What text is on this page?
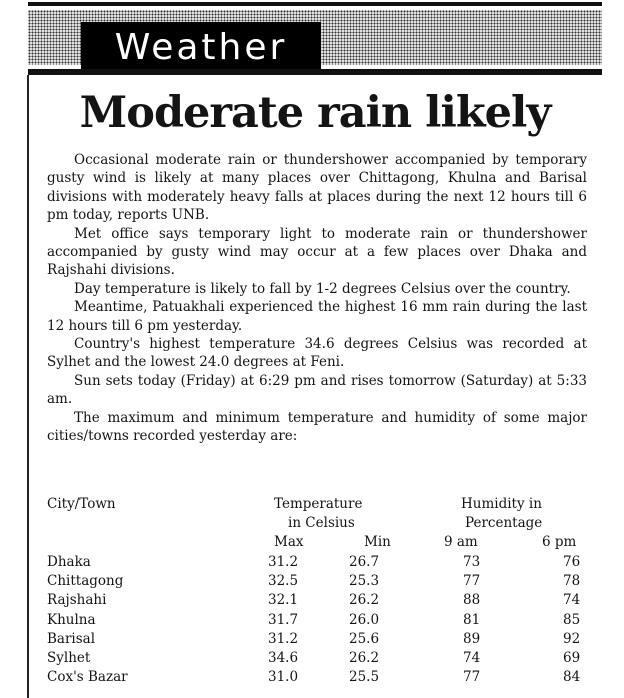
Weather
Moderate rain likely

Occasional moderate rain or thundershower accompanied by temporary gusty wind is likely at many places over Chittagong, Khulna and Barisal divisions with moderately heavy falls at places during the next 12 hours till 6 pm today, reports UNB.

Met office says temporary light to moderate rain or thundershower accompanied by gusty wind may occur at a few places over Dhaka and Rajshahi divisions.

Day temperature is likely to fall by 1-2 degrees Celsius over the country.

Meantime, Patuakhali experienced the highest 16 mm rain during the last 12 hours till 6 pm yesterday.

Country's highest temperature 34.6 degrees Celsius was recorded at Sylhet and the lowest 24.0 degrees at Feni.

Sun sets today (Friday) at 6:29 pm and rises tomorrow (Saturday) at 5:33 am.

The maximum and minimum temperature and humidity of some major cities/towns recorded yesterday are:

City/Town	Temperature
in Celsius
Humidity in
Percentage
Max	Min	9 am	6 pm
Dhaka	31.2	26.7	73	76
Chittagong	32.5	25.3	77	78
Rajshahi	32.1	26.2	88	74
Khulna	31.7	26.0	81	85
Barisal	31.2	25.6	89	92
Sylhet	34.6	26.2	74	69
Cox's Bazar	31.0	25.5	77	84
